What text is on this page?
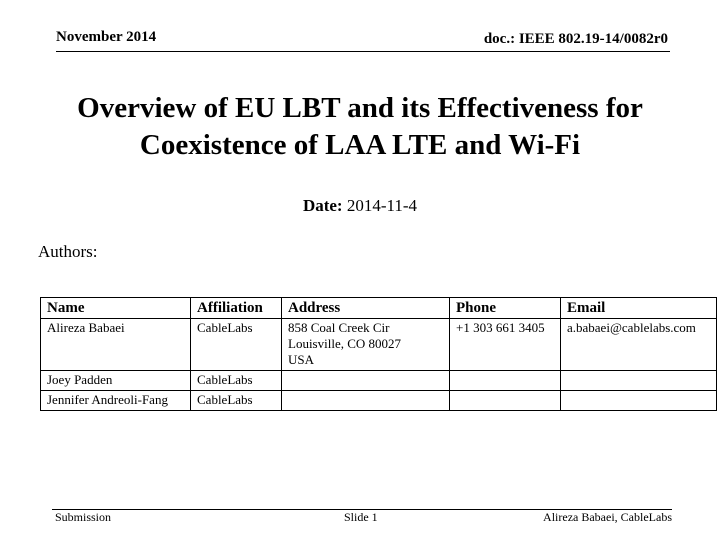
November 2014	doc.: IEEE 802.19-14/0082r0
Overview of EU LBT and its Effectiveness for
Coexistence of LAA LTE and Wi-Fi
Date: 2014-11-4
Authors:
Name	Affiliation	Address	Phone	Email
Alireza Babaei	CableLabs	858 Coal Creek Cir
Louisville, CO 80027
USA	+1 303 661 3405	a.babaei@cablelabs.com
Joey Padden	CableLabs			
Jennifer Andreoli-Fang	CableLabs			
Submission	Slide 1	Alireza Babaei, CableLabs
